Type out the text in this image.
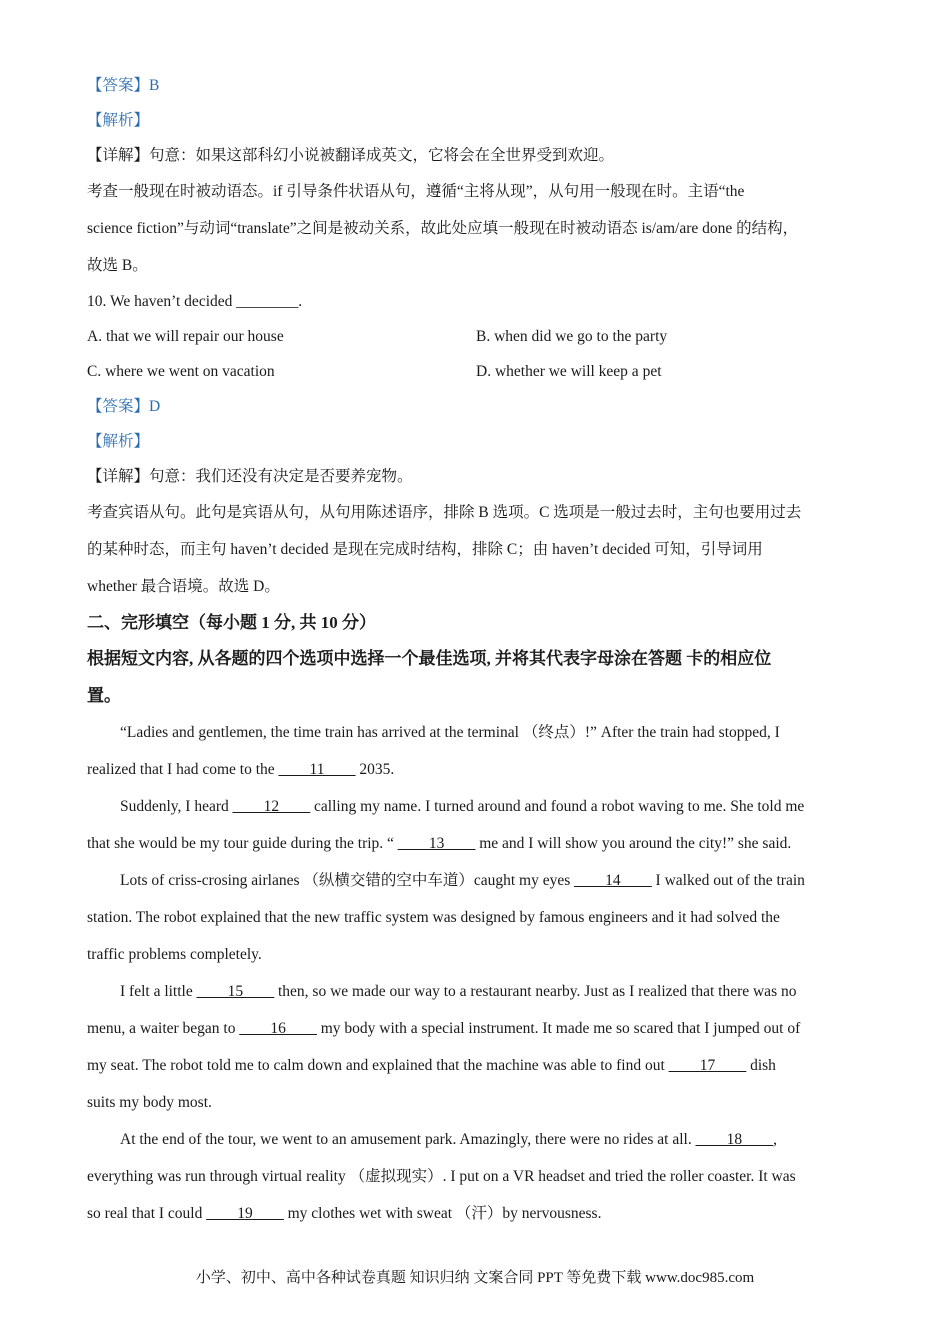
【答案】B
【解析】
【详解】句意：如果这部科幻小说被翻译成英文，它将会在全世界受到欢迎。
考查一般现在时被动语态。if 引导条件状语从句，遵循“主将从现”，从句用一般现在时。主语“the
science fiction”与动词“translate”之间是被动关系，故此处应填一般现在时被动语态 is/am/are done 的结构，
故选 B。
10. We haven’t decided ________.
A. that we will repair our house	B. when did we go to the party
C. where we went on vacation	D. whether we will keep a pet
【答案】D
【解析】
【详解】句意：我们还没有决定是否要养宠物。
考查宾语从句。此句是宾语从句，从句用陈述语序，排除 B 选项。C 选项是一般过去时，主句也要用过去
的某种时态，而主句 haven’t decided 是现在完成时结构，排除 C；由 haven’t decided 可知，引导词用
whether 最合语境。故选 D。
二、完形填空（每小题 1 分, 共 10 分）
根据短文内容, 从各题的四个选项中选择一个最佳选项, 并将其代表字母涂在答题 卡的相应位
置。
“Ladies and gentlemen, the time train has arrived at the terminal （终点）!” After the train had stopped, I
realized that I had come to the ____11____ 2035.
Suddenly, I heard ____12____ calling my name. I turned around and found a robot waving to me. She told me
that she would be my tour guide during the trip. “ ____13____ me and I will show you around the city!” she said.
Lots of criss-crosing airlanes （纵横交错的空中车道）caught my eyes ____14____ I walked out of the train
station. The robot explained that the new traffic system was designed by famous engineers and it had solved the
traffic problems completely.
I felt a little ____15____ then, so we made our way to a restaurant nearby. Just as I realized that there was no
menu, a waiter began to ____16____ my body with a special instrument. It made me so scared that I jumped out of
my seat. The robot told me to calm down and explained that the machine was able to find out ____17____ dish
suits my body most.
At the end of the tour, we went to an amusement park. Amazingly, there were no rides at all. ____18____,
everything was run through virtual reality （虚拟现实）. I put on a VR headset and tried the roller coaster. It was
so real that I could ____19____ my clothes wet with sweat （汗）by nervousness.
小学、初中、高中各种试卷真题 知识归纳 文案合同 PPT 等免费下载 www.doc985.com
